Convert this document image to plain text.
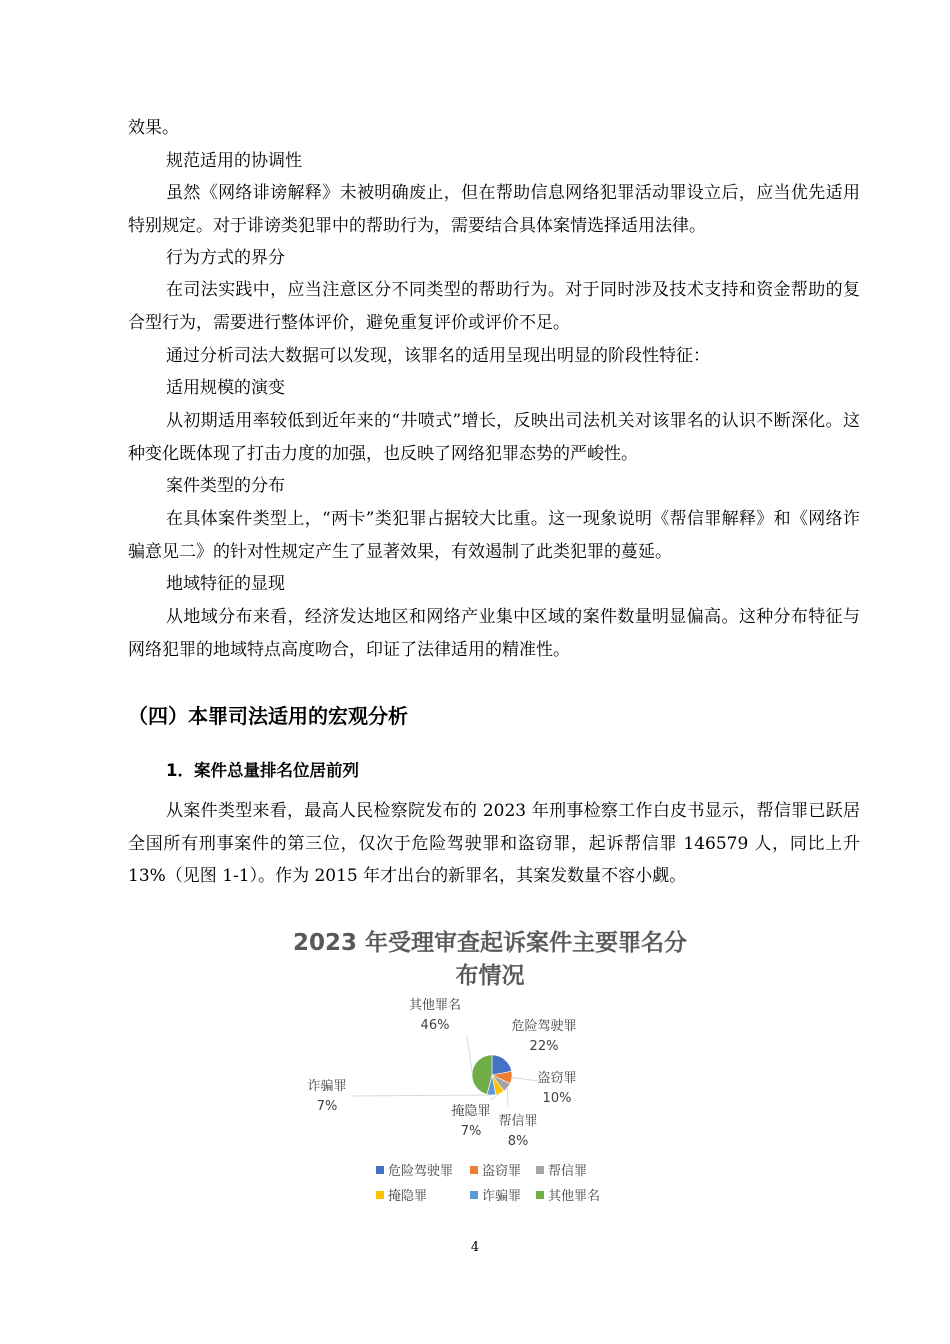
效果。

规范适用的协调性

虽然《网络诽谤解释》未被明确废止，但在帮助信息网络犯罪活动罪设立后，应当优先适用特别规定。对于诽谤类犯罪中的帮助行为，需要结合具体案情选择适用法律。

行为方式的界分

在司法实践中，应当注意区分不同类型的帮助行为。对于同时涉及技术支持和资金帮助的复合型行为，需要进行整体评价，避免重复评价或评价不足。

通过分析司法大数据可以发现，该罪名的适用呈现出明显的阶段性特征：

适用规模的演变

从初期适用率较低到近年来的“井喷式”增长，反映出司法机关对该罪名的认识不断深化。这种变化既体现了打击力度的加强，也反映了网络犯罪态势的严峻性。

案件类型的分布

在具体案件类型上，“两卡”类犯罪占据较大比重。这一现象说明《帮信罪解释》和《网络诈骗意见二》的针对性规定产生了显著效果，有效遏制了此类犯罪的蔓延。

地域特征的显现

从地域分布来看，经济发达地区和网络产业集中区域的案件数量明显偏高。这种分布特征与网络犯罪的地域特点高度吻合，印证了法律适用的精准性。

（四）本罪司法适用的宏观分析
1．案件总量排名位居前列

从案件类型来看，最高人民检察院发布的 2023 年刑事检察工作白皮书显示，帮信罪已跃居全国所有刑事案件的第三位，仅次于危险驾驶罪和盗窃罪，起诉帮信罪 146579 人，同比上升 13%（见图 1-1）。作为 2015 年才出台的新罪名，其案发数量不容小觑。

2023 年受理审查起诉案件主要罪名分
布情况
危险驾驶罪
22%
盗窃罪
10%
帮信罪
8%
掩隐罪
7%
诈骗罪
7%
其他罪名
46%
危险驾驶罪 盗窃罪 帮信罪
掩隐罪	诈骗罪 其他罪名
4
